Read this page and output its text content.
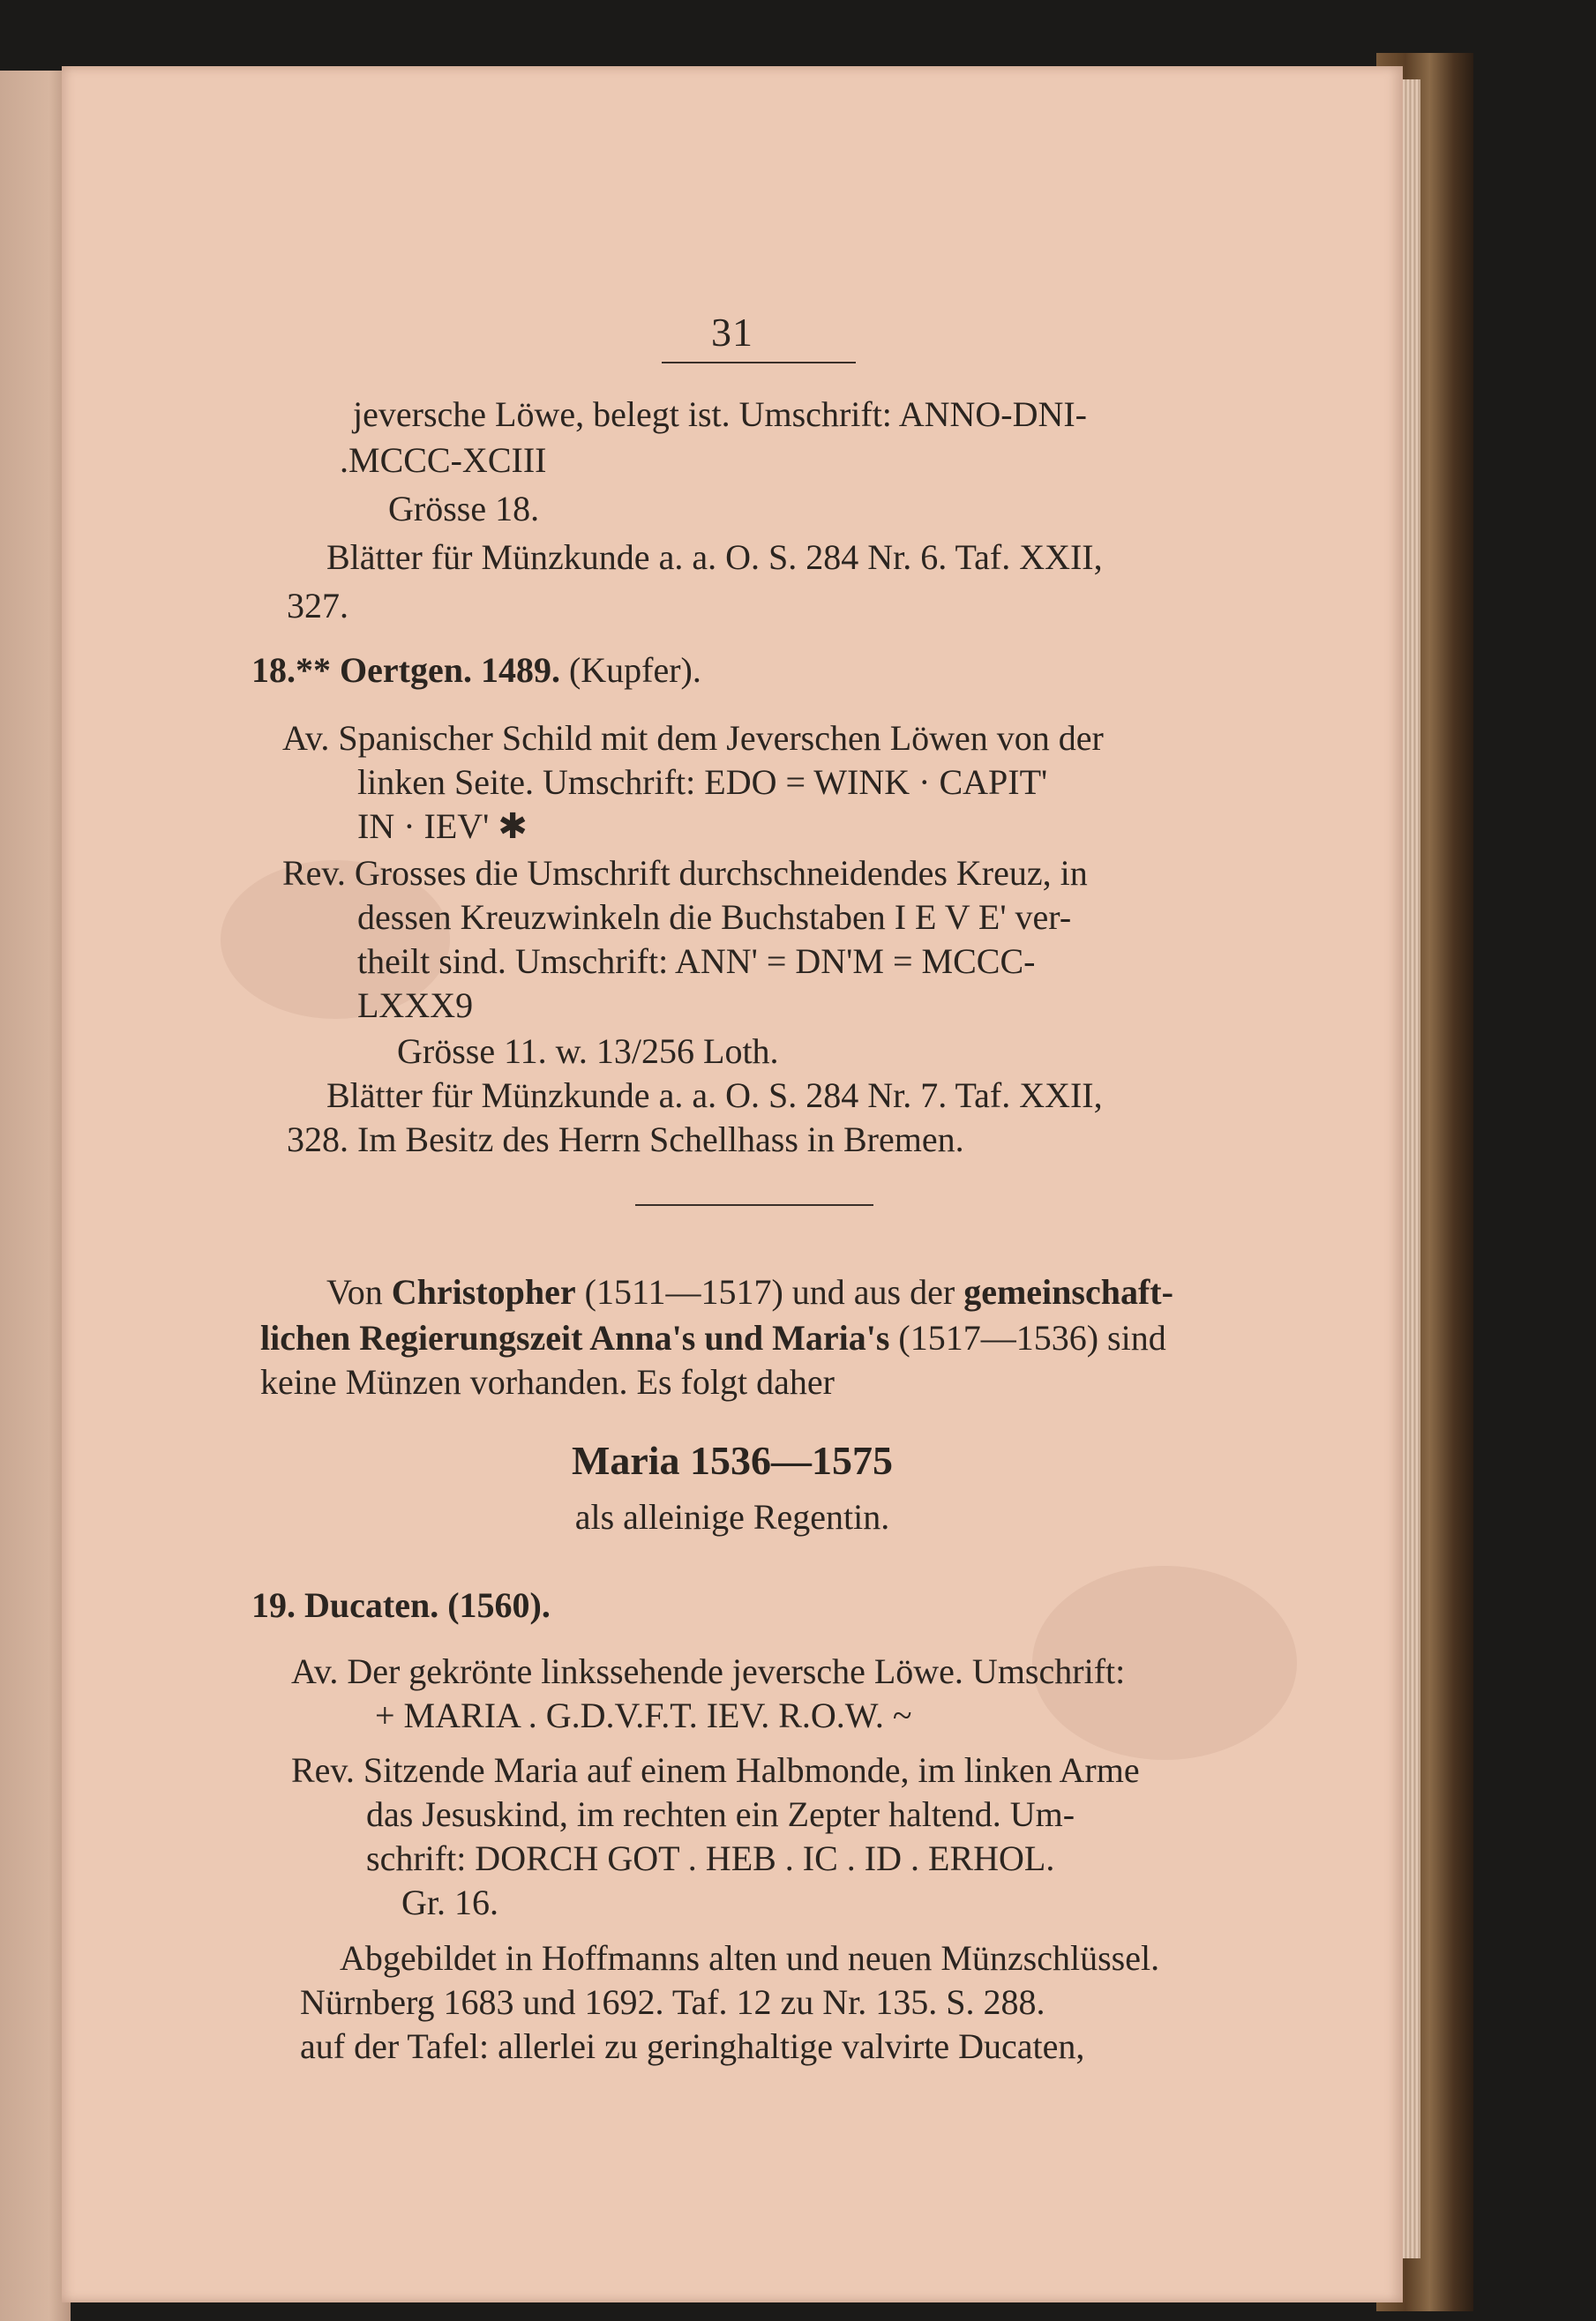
31
jeversche Löwe, belegt ist. Umschrift: ANNO-DNI-
.MCCC-XCIII
Grösse 18.
Blätter für Münzkunde a. a. O. S. 284 Nr. 6. Taf. XXII,
327.
18.** Oertgen. 1489. (Kupfer).
Av. Spanischer Schild mit dem Jeverschen Löwen von der
linken Seite. Umschrift: EDO = WINK · CAPIT'
IN · IEV' ✱
Rev. Grosses die Umschrift durchschneidendes Kreuz, in
dessen Kreuzwinkeln die Buchstaben I E V E' ver-
theilt sind. Umschrift: ANN' = DN'M = MCCC-
LXXX9
Grösse 11. w. 13/256 Loth.
Blätter für Münzkunde a. a. O. S. 284 Nr. 7. Taf. XXII,
328. Im Besitz des Herrn Schellhass in Bremen.
Von Christopher (1511—1517) und aus der gemeinschaft-
lichen Regierungszeit Anna's und Maria's (1517—1536) sind
keine Münzen vorhanden. Es folgt daher
Maria 1536—1575
als alleinige Regentin.
19. Ducaten. (1560).
Av. Der gekrönte linkssehende jeversche Löwe. Umschrift:
+ MARIA . G.D.V.F.T. IEV. R.O.W. ~
Rev. Sitzende Maria auf einem Halbmonde, im linken Arme
das Jesuskind, im rechten ein Zepter haltend. Um-
schrift: DORCH GOT . HEB . IC . ID . ERHOL.
Gr. 16.
Abgebildet in Hoffmanns alten und neuen Münzschlüssel.
Nürnberg 1683 und 1692. Taf. 12 zu Nr. 135. S. 288.
auf der Tafel: allerlei zu geringhaltige valvirte Ducaten,
